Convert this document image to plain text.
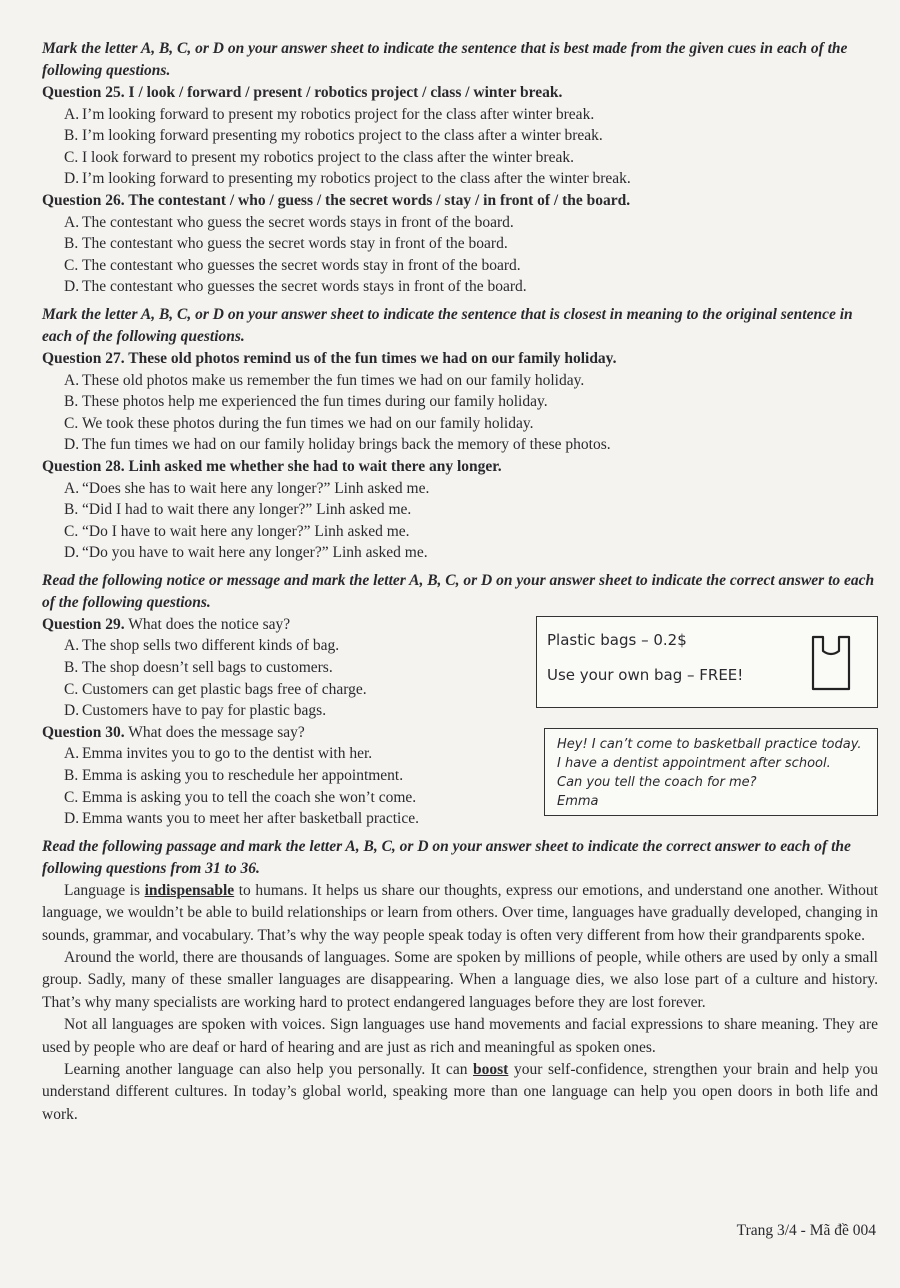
Mark the letter A, B, C, or D on your answer sheet to indicate the sentence that is best made from the given cues in each of the following questions.

Question 25. I / look / forward / present / robotics project / class / winter break.
A. I’m looking forward to present my robotics project for the class after winter break.
B. I’m looking forward presenting my robotics project to the class after a winter break.
C. I look forward to present my robotics project to the class after the winter break.
D. I’m looking forward to presenting my robotics project to the class after the winter break.
Question 26. The contestant / who / guess / the secret words / stay / in front of / the board.
A. The contestant who guess the secret words stays in front of the board.
B. The contestant who guess the secret words stay in front of the board.
C. The contestant who guesses the secret words stay in front of the board.
D. The contestant who guesses the secret words stays in front of the board.

Mark the letter A, B, C, or D on your answer sheet to indicate the sentence that is closest in meaning to the original sentence in each of the following questions.

Question 27. These old photos remind us of the fun times we had on our family holiday.
A. These old photos make us remember the fun times we had on our family holiday.
B. These photos help me experienced the fun times during our family holiday.
C. We took these photos during the fun times we had on our family holiday.
D. The fun times we had on our family holiday brings back the memory of these photos.
Question 28. Linh asked me whether she had to wait there any longer.
A. “Does she has to wait here any longer?” Linh asked me.
B. “Did I had to wait there any longer?” Linh asked me.
C. “Do I have to wait here any longer?” Linh asked me.
D. “Do you have to wait here any longer?” Linh asked me.

Read the following notice or message and mark the letter A, B, C, or D on your answer sheet to indicate the correct answer to each of the following questions.

Question 29. What does the notice say?
A. The shop sells two different kinds of bag.
B. The shop doesn’t sell bags to customers.
C. Customers can get plastic bags free of charge.
D. Customers have to pay for plastic bags.
Plastic bags – 0.2$
Use your own bag – FREE!
Question 30. What does the message say?
A. Emma invites you to go to the dentist with her.
B. Emma is asking you to reschedule her appointment.
C. Emma is asking you to tell the coach she won’t come.
D. Emma wants you to meet her after basketball practice.
Hey! I can’t come to basketball practice today.
I have a dentist appointment after school.
Can you tell the coach for me?
Emma

Read the following passage and mark the letter A, B, C, or D on your answer sheet to indicate the correct answer to each of the following questions from 31 to 36.

Language is indispensable to humans. It helps us share our thoughts, express our emotions, and understand one another. Without language, we wouldn’t be able to build relationships or learn from others. Over time, languages have gradually developed, changing in sounds, grammar, and vocabulary. That’s why the way people speak today is often very different from how their grandparents spoke.

Around the world, there are thousands of languages. Some are spoken by millions of people, while others are used by only a small group. Sadly, many of these smaller languages are disappearing. When a language dies, we also lose part of a culture and history. That’s why many specialists are working hard to protect endangered languages before they are lost forever.

Not all languages are spoken with voices. Sign languages use hand movements and facial expressions to share meaning. They are used by people who are deaf or hard of hearing and are just as rich and meaningful as spoken ones.

Learning another language can also help you personally. It can boost your self-confidence, strengthen your brain and help you understand different cultures. In today’s global world, speaking more than one language can help you open doors in both life and work.

Trang 3/4 - Mã đề 004
